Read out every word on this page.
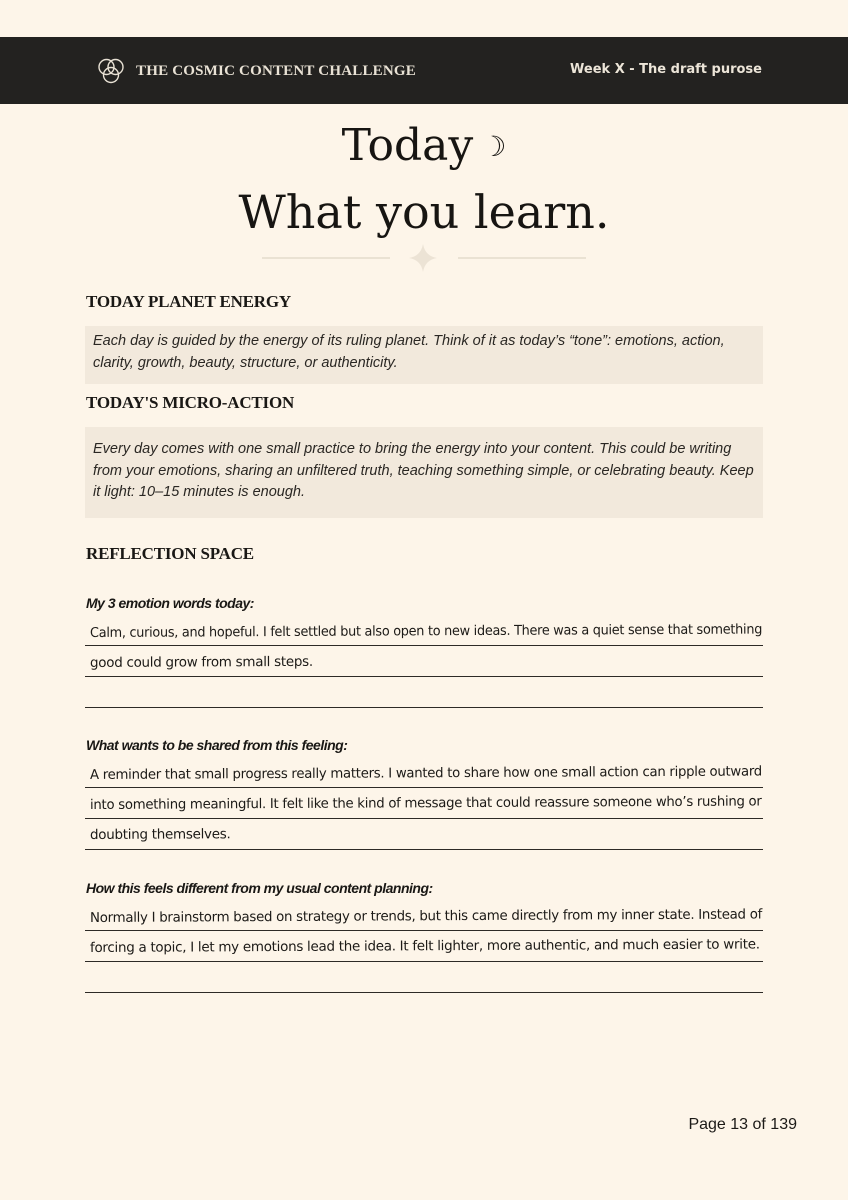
THE COSMIC CONTENT CHALLENGE	Week X - The draft purose
Today ☽
What you learn.
TODAY PLANET ENERGY
Each day is guided by the energy of its ruling planet. Think of it as today’s “tone”: emotions, action,
clarity, growth, beauty, structure, or authenticity.
TODAY'S MICRO-ACTION
Every day comes with one small practice to bring the energy into your content. This could be writing
from your emotions, sharing an unfiltered truth, teaching something simple, or celebrating beauty. Keep
it light: 10–15 minutes is enough.
REFLECTION SPACE
My 3 emotion words today:
Calm, curious, and hopeful. I felt settled but also open to new ideas. There was a quiet sense that something
good could grow from small steps.
What wants to be shared from this feeling:
A reminder that small progress really matters. I wanted to share how one small action can ripple outward
into something meaningful. It felt like the kind of message that could reassure someone who’s rushing or
doubting themselves.
How this feels different from my usual content planning:
Normally I brainstorm based on strategy or trends, but this came directly from my inner state. Instead of
forcing a topic, I let my emotions lead the idea. It felt lighter, more authentic, and much easier to write.
Page 13 of 139
